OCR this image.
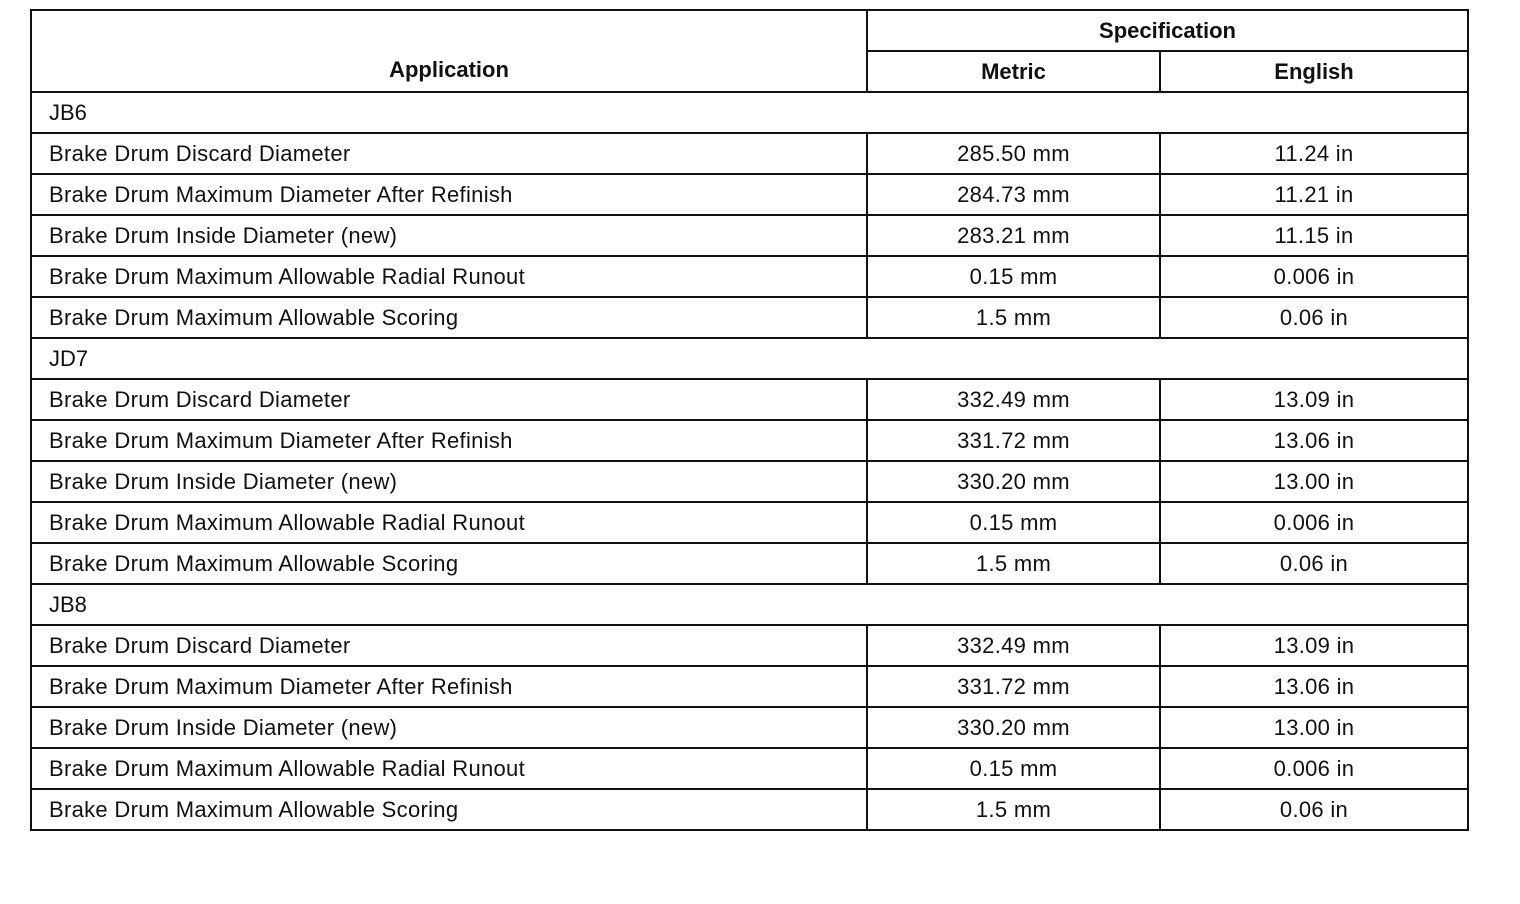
Application	Specification	
	Metric	English
JB6		
Brake Drum Discard Diameter	285.50 mm	11.24 in
Brake Drum Maximum Diameter After Refinish	284.73 mm	11.21 in
Brake Drum Inside Diameter (new)	283.21 mm	11.15 in
Brake Drum Maximum Allowable Radial Runout	0.15 mm	0.006 in
Brake Drum Maximum Allowable Scoring	1.5 mm	0.06 in
JD7		
Brake Drum Discard Diameter	332.49 mm	13.09 in
Brake Drum Maximum Diameter After Refinish	331.72 mm	13.06 in
Brake Drum Inside Diameter (new)	330.20 mm	13.00 in
Brake Drum Maximum Allowable Radial Runout	0.15 mm	0.006 in
Brake Drum Maximum Allowable Scoring	1.5 mm	0.06 in
JB8		
Brake Drum Discard Diameter	332.49 mm	13.09 in
Brake Drum Maximum Diameter After Refinish	331.72 mm	13.06 in
Brake Drum Inside Diameter (new)	330.20 mm	13.00 in
Brake Drum Maximum Allowable Radial Runout	0.15 mm	0.006 in
Brake Drum Maximum Allowable Scoring	1.5 mm	0.06 in
